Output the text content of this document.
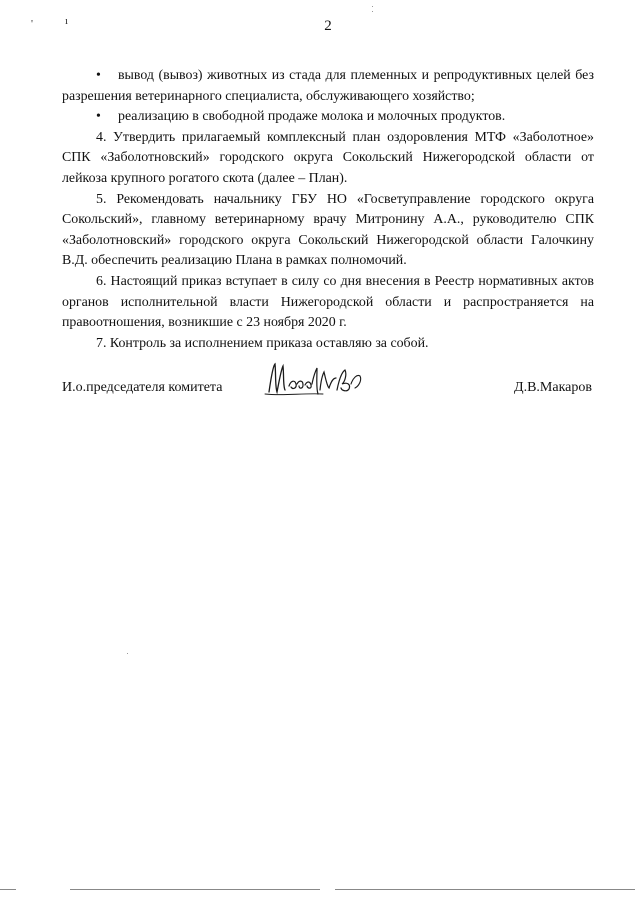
'	ı	2

• вывод (вывоз) животных из стада для племенных и репродуктивных целей без разрешения ветеринарного специалиста, обслуживающего хозяйство;

• реализацию в свободной продаже молока и молочных продуктов.

4. Утвердить прилагаемый комплексный план оздоровления МТФ «Заболотное» СПК «Заболотновский» городского округа Сокольский Нижегородской области от лейкоза крупного рогатого скота (далее – План).

5. Рекомендовать начальнику ГБУ НО «Госветуправление городского округа Сокольский», главному ветеринарному врачу Митронину А.А., руководителю СПК «Заболотновский» городского округа Сокольский Нижегородской области Галочкину В.Д. обеспечить реализацию Плана в рамках полномочий.

6. Настоящий приказ вступает в силу со дня внесения в Реестр нормативных актов органов исполнительной власти Нижегородской области и распространяется на правоотношения, возникшие с 23 ноября 2020 г.

7. Контроль за исполнением приказа оставляю за собой.

И.о.председателя комитета	Д.В.Макаров
